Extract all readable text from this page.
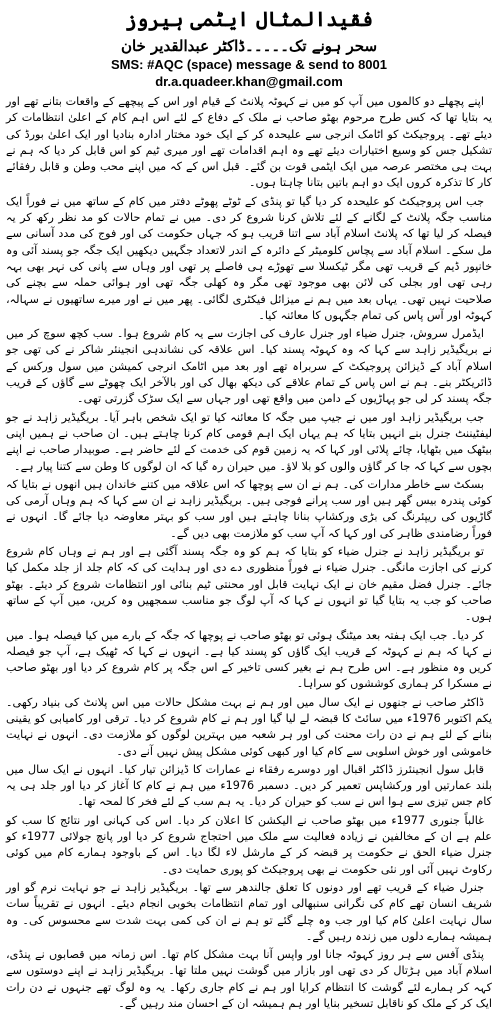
فقیدالمثال ایٹمی ہیروز

سحر ہونے تک۔۔۔۔۔ڈاکٹر عبدالقدیر خان

SMS: #AQC (space) message & send to 8001

dr.a.quadeer.khan@gmail.com

اپنے پچھلے دو کالموں میں آپ کو میں نے کہوٹہ پلانٹ کے قیام اور اس کے پیچھے کے واقعات بتانے تھے اور یہ بتایا تھا کہ کس طرح مرحوم بھٹو صاحب نے ملک کے دفاع کے لئے اس اہم کام کے اعلیٰ انتظامات کر دیئے تھے۔ پروجیکٹ کو اٹامک انرجی سے علیحدہ کر کے ایک خود مختار ادارہ بنادیا اور ایک اعلیٰ بورڈ کی تشکیل جس کو وسیع اختیارات دیئے تھے وہ اہم اقدامات تھے اور میری ٹیم کو اس قابل کر دیا کہ ہم نے بہت ہی مختصر عرصہ میں ایک ایٹمی قوت بن گئے۔ قبل اس کے کہ میں اپنے محب وطن و قابل رفقائے کار کا تذکرہ کروں ایک دو اہم باتیں بتانا چاہتا ہوں۔

جب اس پروجیکٹ کو علیحدہ کر دیا گیا تو پنڈی کے ٹوٹے پھوٹے دفتر میں کام کے ساتھ میں نے فوراً ایک مناسب جگہ پلانٹ کے لگانے کے لئے تلاش کرنا شروع کر دی۔ میں نے تمام حالات کو مد نظر رکھ کر یہ فیصلہ کر لیا تھا کہ پلانٹ اسلام آباد سے اتنا قریب ہو کہ جہاں حکومت کی اور فوج کی مدد آسانی سے مل سکے۔ اسلام آباد سے پچاس کلومیٹر کے دائرہ کے اندر لاتعداد جگہیں دیکھیں ایک جگہ جو پسند آئی وہ خانپور ڈیم کے قریب تھی مگر ٹیکسلا سے تھوڑے ہی فاصلے پر تھی اور وہاں سے پانی کی نہر بھی بہہ رہی تھی اور بجلی کی لائن بھی موجود تھی مگر وہ کھلی جگہ تھی اور ہوائی حملہ سے بچنے کی صلاحیت نہیں تھی۔ یہاں بعد میں ہم نے میزائل فیکٹری لگائی۔ پھر میں نے اور میرے ساتھیوں نے سہالہ، کہوٹہ اور آس پاس کی تمام جگہوں کا معائنہ کیا۔

ایڈمرل سروش، جنرل ضیاء اور جنرل عارف کی اجازت سے یہ کام شروع ہوا۔ سب کچھ سوچ کر میں نے بریگیڈیر زاہد سے کہا کہ وہ کہوٹہ پسند کیا۔ اس علاقہ کی نشاندہی انجینئر شاکر نے کی تھی جو اسلام آباد کے ڈیزائن پروجیکٹ کے سربراہ تھے اور بعد میں اٹامک انرجی کمیشن میں سول ورکس کے ڈائریکٹر بنے۔ ہم نے اس پاس کے تمام علاقے کی دیکھ بھال کی اور بالآخر ایک چھوٹے سے گاؤں کے قریب جگہ پسند کر لی جو پہاڑیوں کے دامن میں واقع تھی اور جہاں سے ایک سڑک گزرتی تھی۔

جب بریگیڈیر زاہد اور میں نے جیپ میں جگہ کا معائنہ کیا تو ایک شخص باہر آیا۔ بریگیڈیر زاہد نے جو لیفٹیننٹ جنرل بنے انہیں بتایا کہ ہم یہاں ایک اہم قومی کام کرنا چاہتے ہیں۔ ان صاحب نے ہمیں اپنی بیٹھک میں بٹھایا، چائے پلائی اور کہا کہ یہ زمین قوم کی خدمت کے لئے حاضر ہے۔ صوبیدار صاحب نے اپنے بچوں سے کہا کہ جا کر گاؤں والوں کو بلا لاؤ۔ میں حیران رہ گیا کہ ان لوگوں کا وطن سے کتنا پیار ہے۔

بسکٹ سے خاطر مدارات کی۔ ہم نے ان سے پوچھا کہ اس علاقہ میں کتنے خاندان ہیں انھوں نے بتایا کہ کوئی پندرہ بیس گھر ہیں اور سب پرانے فوجی ہیں۔ بریگیڈیر زاہد نے ان سے کہا کہ ہم وہاں آرمی کی گاڑیوں کی ریپئرنگ کی بڑی ورکشاپ بنانا چاہتے ہیں اور سب کو بہتر معاوضہ دیا جائے گا۔ انہوں نے فوراً رضامندی ظاہر کی اور کہا کہ آپ سب کو ملازمت بھی دیں گے۔

تو بریگیڈیر زاہد نے جنرل ضیاء کو بتایا کہ ہم کو وہ جگہ پسند آگئی ہے اور ہم نے وہاں کام شروع کرنے کی اجازت مانگی۔ جنرل ضیاء نے فوراً منظوری دے دی اور ہدایت کی کہ کام جلد از جلد مکمل کیا جائے۔ جنرل فضل مقیم خان نے ایک نہایت قابل اور محنتی ٹیم بنائی اور انتظامات شروع کر دیئے۔ بھٹو صاحب کو جب یہ بتایا گیا تو انہوں نے کہا کہ آپ لوگ جو مناسب سمجھیں وہ کریں، میں آپ کے ساتھ ہوں۔

کر دیا۔ جب ایک ہفتہ بعد میٹنگ ہوئی تو بھٹو صاحب نے پوچھا کہ جگہ کے بارے میں کیا فیصلہ ہوا۔ میں نے کہا کہ ہم نے کہوٹہ کے قریب ایک گاؤں کو پسند کیا ہے۔ انہوں نے کہا کہ ٹھیک ہے، آپ جو فیصلہ کریں وہ منظور ہے۔ اس طرح ہم نے بغیر کسی تاخیر کے اس جگہ پر کام شروع کر دیا اور بھٹو صاحب نے مسکرا کر ہماری کوششوں کو سراہا۔

ڈاکٹر صاحب نے جنھوں نے ایک سال میں اور ہم نے بہت مشکل حالات میں اس پلانٹ کی بنیاد رکھی۔ یکم اکتوبر 1976ء میں سائٹ کا قبضہ لے لیا گیا اور ہم نے کام شروع کر دیا۔ ترقی اور کامیابی کو یقینی بنانے کے لئے ہم نے دن رات محنت کی اور ہر شعبہ میں بہترین لوگوں کو ملازمت دی۔ انہوں نے نہایت خاموشی اور خوش اسلوبی سے کام کیا اور کبھی کوئی مشکل پیش نہیں آنے دی۔

قابل سول انجینئرز ڈاکٹر اقبال اور دوسرے رفقاء نے عمارات کا ڈیزائن تیار کیا۔ انہوں نے ایک سال میں بلند عمارتیں اور ورکشاپس تعمیر کر دیں۔ دسمبر 1976ء میں ہم نے کام کا آغاز کر دیا اور جلد ہی یہ کام جس تیزی سے ہوا اس نے سب کو حیران کر دیا۔ یہ ہم سب کے لئے فخر کا لمحہ تھا۔

غالباً جنوری 1977ء میں بھٹو صاحب نے الیکشن کا اعلان کر دیا۔ اس کی کہانی اور نتائج کا سب کو علم ہے ان کے مخالفین نے زیادہ فعالیت سے ملک میں احتجاج شروع کر دیا اور پانچ جولائی 1977ء کو جنرل ضیاء الحق نے حکومت پر قبضہ کر کے مارشل لاء لگا دیا۔ اس کے باوجود ہمارے کام میں کوئی رکاوٹ نہیں آئی اور نئی حکومت نے بھی پروجیکٹ کو پوری حمایت دی۔

جنرل ضیاء کے قریب تھے اور دونوں کا تعلق جالندھر سے تھا۔ بریگیڈیر زاہد نے جو نہایت نرم گو اور شریف انسان تھے کام کی نگرانی سنبھالی اور تمام انتظامات بخوبی انجام دیئے۔ انہوں نے تقریباً سات سال نہایت اعلیٰ کام کیا اور جب وہ چلے گئے تو ہم نے ان کی کمی بہت شدت سے محسوس کی۔ وہ ہمیشہ ہمارے دلوں میں زندہ رہیں گے۔

پنڈی آفس سے ہر روز کہوٹہ جانا اور واپس آنا بہت مشکل کام تھا۔ اس زمانہ میں قصابوں نے پنڈی، اسلام آباد میں ہڑتال کر دی تھی اور بازار میں گوشت نہیں ملتا تھا۔ بریگیڈیر زاہد نے اپنے دوستوں سے کہہ کر ہمارے لئے گوشت کا انتظام کرایا اور ہم نے کام جاری رکھا۔ یہ وہ لوگ تھے جنہوں نے دن رات ایک کر کے ملک کو ناقابل تسخیر بنایا اور ہم ہمیشہ ان کے احسان مند رہیں گے۔
